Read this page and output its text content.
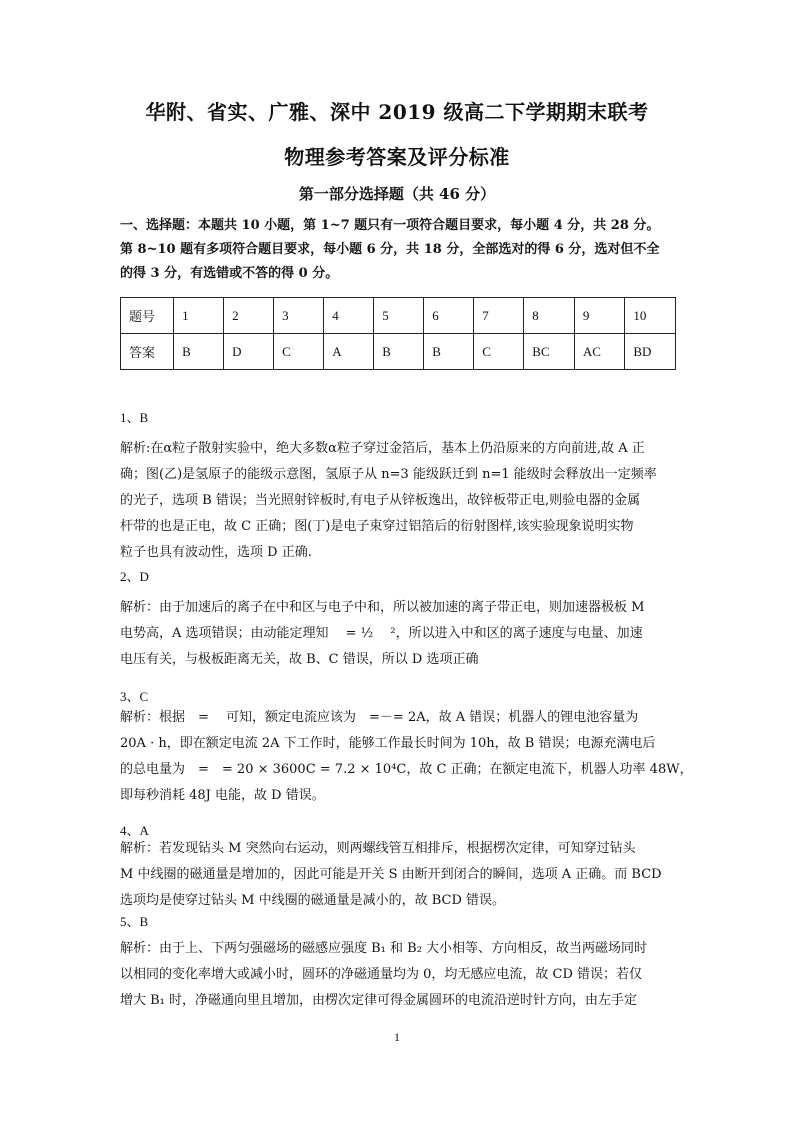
华附、省实、广雅、深中 2019 级高二下学期期末联考
物理参考答案及评分标准
第一部分选择题（共 46 分）
一、选择题：本题共 10 小题，第 1~7 题只有一项符合题目要求，每小题 4 分，共 28 分。
第 8~10 题有多项符合题目要求，每小题 6 分，共 18 分，全部选对的得 6 分，选对但不全
的得 3 分，有选错或不答的得 0 分。
题号	1	2	3	4	5	6	7	8	9	10
答案	B	D	C	A	B	B	C	BC	AC	BD
1、B

解析:在α粒子散射实验中，绝大多数α粒子穿过金箔后，基本上仍沿原来的方向前进,故 A 正

确；图(乙)是氢原子的能级示意图，氢原子从 n=3 能级跃迁到 n=1 能级时会释放出一定频率

的光子，选项 B 错误；当光照射锌板时,有电子从锌板逸出，故锌板带正电,则验电器的金属

杆带的也是正电，故 C 正确；图(丁)是电子束穿过铝箔后的衍射图样,该实验现象说明实物

粒子也具有波动性，选项 D 正确.

2、D

解析：由于加速后的离子在中和区与电子中和，所以被加速的离子带正电，则加速器极板 M

电势高，A 选项错误；由动能定理知　 = ½ 　²，所以进入中和区的离子速度与电量、加速

电压有关，与极板距离无关，故 B、C 错误，所以 D 选项正确

3、C

解析：根据　=　 可知，额定电流应该为　=－= 2A，故 A 错误；机器人的锂电池容量为

20A · h，即在额定电流 2A 下工作时，能够工作最长时间为 10h，故 B 错误；电源充满电后

的总电量为　=　= 20 × 3600C = 7.2 × 10⁴C，故 C 正确；在额定电流下，机器人功率 48W，

即每秒消耗 48J 电能，故 D 错误。

4、A

解析：若发现钻头 M 突然向右运动，则两螺线管互相排斥，根据楞次定律，可知穿过钻头

M 中线圈的磁通量是增加的，因此可能是开关 S 由断开到闭合的瞬间，选项 A 正确。而 BCD

选项均是使穿过钻头 M 中线圈的磁通量是减小的，故 BCD 错误。

5、B

解析：由于上、下两匀强磁场的磁感应强度 B₁ 和 B₂ 大小相等、方向相反，故当两磁场同时

以相同的变化率增大或减小时，圆环的净磁通量均为 0，均无感应电流，故 CD 错误；若仅

增大 B₁ 时，净磁通向里且增加，由楞次定律可得金属圆环的电流沿逆时针方向，由左手定

1
